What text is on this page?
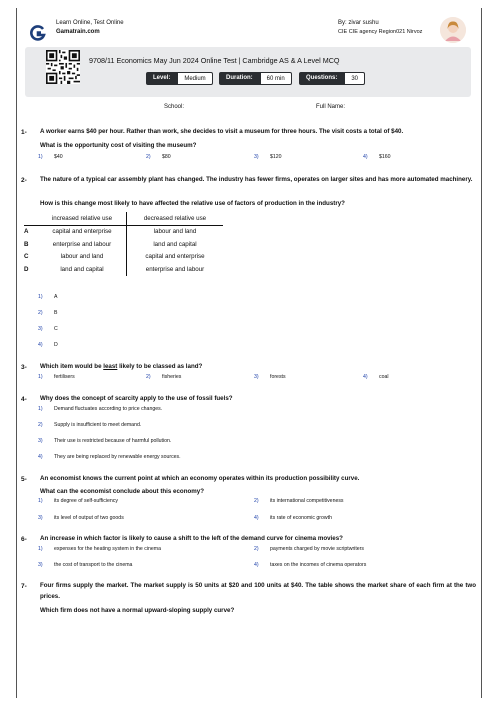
Learn Online, Test Online
Gamatrain.com
By: zivar sushu
CIE CIE agency Region021 Nirvoz
9708/11 Economics May Jun 2024 Online Test | Cambridge AS & A Level MCQ
Level:	Medium	Duration:	60 min	Questions:	30
School:	Full Name:
1- A worker earns $40 per hour. Rather than work, she decides to visit a museum for three hours. The visit costs a total of $40.
What is the opportunity cost of visiting the museum?
1) $40	2) $80	3) $120	4) $160
2- The nature of a typical car assembly plant has changed. The industry has fewer firms, operates on larger sites and has more automated machinery.
How is this change most likely to have affected the relative use of factors of production in the industry?
	increased relative use	decreased relative use
A	capital and enterprise	labour and land
B	enterprise and labour	land and capital
C	labour and land	capital and enterprise
D	land and capital	enterprise and labour
1) A
2) B
3) C
4) D
3- Which item would be least likely to be classed as land?
1) fertilisers	2) fisheries	3) forests	4) coal
4- Why does the concept of scarcity apply to the use of fossil fuels?
1) Demand fluctuates according to price changes.
2) Supply is insufficient to meet demand.
3) Their use is restricted because of harmful pollution.
4) They are being replaced by renewable energy sources.
5- An economist knows the current point at which an economy operates within its production possibility curve.
What can the economist conclude about this economy?
1) its degree of self-sufficiency	2) its international competitiveness
3) its level of output of two goods	4) its rate of economic growth
6- An increase in which factor is likely to cause a shift to the left of the demand curve for cinema movies?
1) expenses for the heating system in the cinema	2) payments charged by movie scriptwriters
3) the cost of transport to the cinema	4) taxes on the incomes of cinema operators
7- Four firms supply the market. The market supply is 50 units at $20 and 100 units at $40. The table shows the market share of each firm at the two prices.
Which firm does not have a normal upward-sloping supply curve?
